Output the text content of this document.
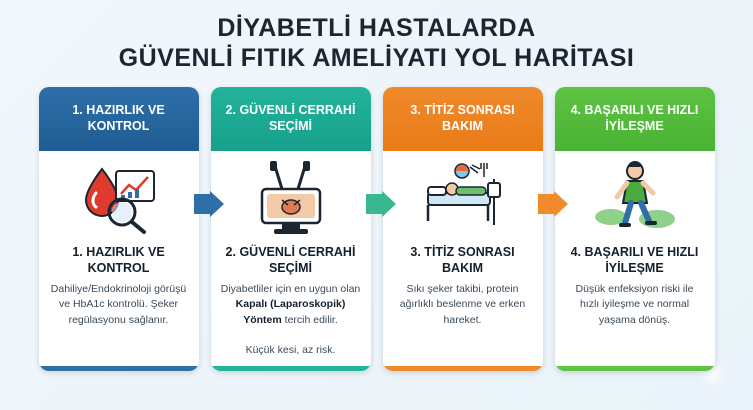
DİYABETLİ HASTALARDA
GÜVENLİ FITIK AMELİYATI YOL HARİTASI
1. HAZIRLIK VE KONTROL
1. HAZIRLIK VE KONTROL
Dahiliye/Endokrinoloji görüşü ve HbA1c kontrolü. Şeker regülasyonu sağlanır.
2. GÜVENLİ CERRAHİ SEÇİMİ
2. GÜVENLİ CERRAHİ SEÇİMİ
Diyabetliler için en uygun olan Kapalı (Laparoskopik) Yöntem tercih edilir.
Küçük kesi, az risk.
3. TİTİZ SONRASI BAKIM
3. TİTİZ SONRASI BAKIM
Sıkı şeker takibi, protein ağırlıklı beslenme ve erken hareket.
4. BAŞARILI VE HIZLI İYİLEŞME
4. BAŞARILI VE HIZLI İYİLEŞME
Düşük enfeksiyon riski ile hızlı iyileşme ve normal yaşama dönüş.
